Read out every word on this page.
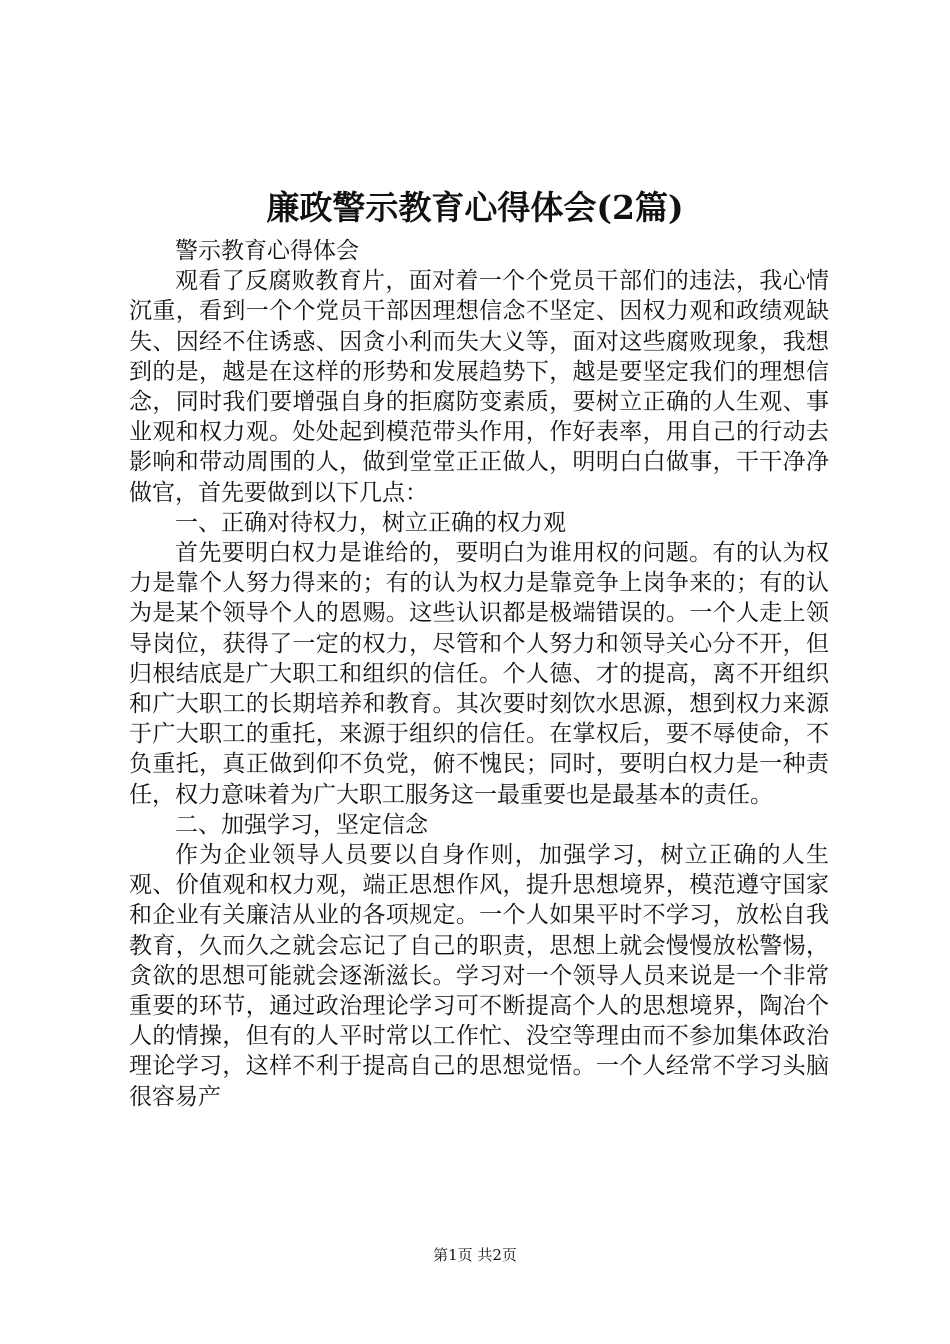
廉政警示教育心得体会(2篇)

警示教育心得体会

观看了反腐败教育片，面对着一个个党员干部们的违法，我心情沉重，看到一个个党员干部因理想信念不坚定、因权力观和政绩观缺失、因经不住诱惑、因贪小利而失大义等，面对这些腐败现象，我想到的是，越是在这样的形势和发展趋势下，越是要坚定我们的理想信念，同时我们要增强自身的拒腐防变素质，要树立正确的人生观、事业观和权力观。处处起到模范带头作用，作好表率，用自己的行动去影响和带动周围的人，做到堂堂正正做人，明明白白做事，干干净净做官，首先要做到以下几点：

一、正确对待权力，树立正确的权力观

首先要明白权力是谁给的，要明白为谁用权的问题。有的认为权力是靠个人努力得来的；有的认为权力是靠竞争上岗争来的；有的认为是某个领导个人的恩赐。这些认识都是极端错误的。一个人走上领导岗位，获得了一定的权力，尽管和个人努力和领导关心分不开，但归根结底是广大职工和组织的信任。个人德、才的提高，离不开组织和广大职工的长期培养和教育。其次要时刻饮水思源，想到权力来源于广大职工的重托，来源于组织的信任。在掌权后，要不辱使命，不负重托，真正做到仰不负党，俯不愧民；同时，要明白权力是一种责任，权力意味着为广大职工服务这一最重要也是最基本的责任。

二、加强学习，坚定信念

作为企业领导人员要以自身作则，加强学习，树立正确的人生观、价值观和权力观，端正思想作风，提升思想境界，模范遵守国家和企业有关廉洁从业的各项规定。一个人如果平时不学习，放松自我教育，久而久之就会忘记了自己的职责，思想上就会慢慢放松警惕，贪欲的思想可能就会逐渐滋长。学习对一个领导人员来说是一个非常重要的环节，通过政治理论学习可不断提高个人的思想境界，陶冶个人的情操，但有的人平时常以工作忙、没空等理由而不参加集体政治理论学习，这样不利于提高自己的思想觉悟。一个人经常不学习头脑很容易产

第1页 共2页
